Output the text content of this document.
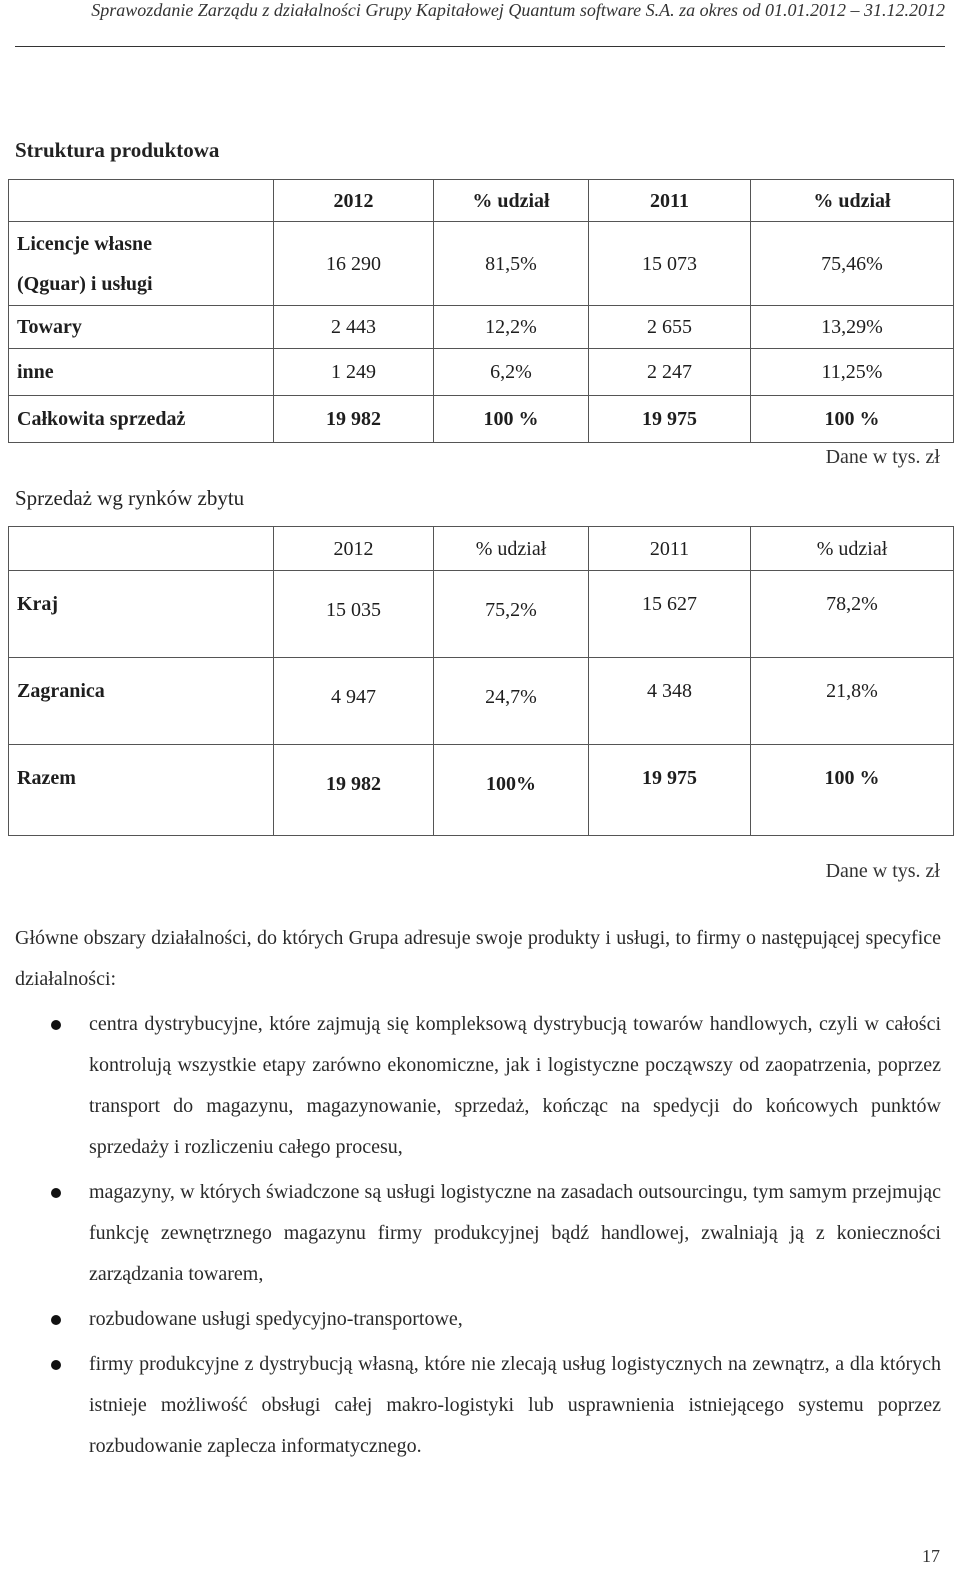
Sprawozdanie Zarządu z działalności Grupy Kapitałowej Quantum software S.A. za okres od 01.01.2012 – 31.12.2012
Struktura produktowa
	2012	% udział	2011	% udział
Licencje własne
(Qguar) i usługi	16 290	81,5%	15 073	75,46%
Towary	2 443	12,2%	2 655	13,29%
inne	1 249	6,2%	2 247	11,25%
Całkowita sprzedaż	19 982	100 %	19 975	100 %
Dane w tys. zł
Sprzedaż wg rynków zbytu
	2012	% udział	2011	% udział
Kraj	15 035	75,2%	15 627	78,2%
Zagranica	4 947	24,7%	4 348	21,8%
Razem	19 982	100%	19 975	100 %
Dane w tys. zł
Główne obszary działalności, do których Grupa adresuje swoje produkty i usługi, to firmy o następującej specyfice działalności:
centra dystrybucyjne, które zajmują się kompleksową dystrybucją towarów handlowych, czyli w całości kontrolują wszystkie etapy zarówno ekonomiczne, jak i logistyczne począwszy od zaopatrzenia, poprzez transport do magazynu, magazynowanie, sprzedaż, kończąc na spedycji do końcowych punktów sprzedaży i rozliczeniu całego procesu,
magazyny, w których świadczone są usługi logistyczne na zasadach outsourcingu, tym samym przejmując funkcję zewnętrznego magazynu firmy produkcyjnej bądź handlowej, zwalniają ją z konieczności zarządzania towarem,
rozbudowane usługi spedycyjno-transportowe,
firmy produkcyjne z dystrybucją własną, które nie zlecają usług logistycznych na zewnątrz, a dla których istnieje możliwość obsługi całej makro-logistyki lub usprawnienia istniejącego systemu poprzez rozbudowanie zaplecza informatycznego.
17
